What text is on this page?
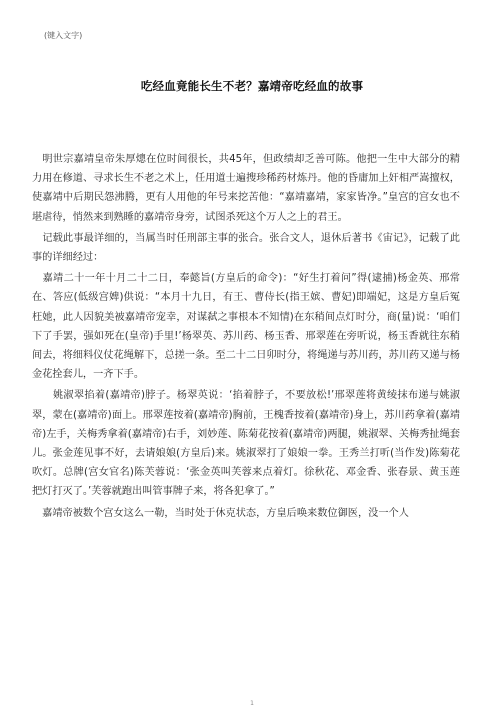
(键入文字)
吃经血竟能长生不老？嘉靖帝吃经血的故事

　明世宗嘉靖皇帝朱厚熜在位时间很长，共45年，但政绩却乏善可陈。他把一生中大部分的精力用在修道、寻求长生不老之术上，任用道士遍搜珍稀药材炼丹。他的昏庸加上奸相严嵩擅权，使嘉靖中后期民怨沸腾，更有人用他的年号来挖苦他：“嘉靖嘉靖，家家皆净。”皇宫的宫女也不堪虐待，悄然来到熟睡的嘉靖帝身旁，试图杀死这个万人之上的君王。

　记载此事最详细的，当属当时任刑部主事的张合。张合文人，退休后著书《宙记》，记载了此事的详细经过：

　嘉靖二十一年十月二十二日，奉懿旨(方皇后的命令)：“好生打着问”得(逮捕)杨金英、邢常在、答应(低级宫婢)供说：“本月十九日，有王、曹侍长(指王嫔、曹妃)即端妃，这是方皇后冤枉她，此人因貌美被嘉靖帝宠幸，对谋弑之事根本不知情)在东稍间点灯时分，商(量)说：‘咱们下了手罢，强如死在(皇帝)手里!’杨翠英、苏川药、杨玉香、邢翠莲在旁听说，杨玉香就往东稍间去，将细料仪仗花绳解下，总搓一条。至二十二日卯时分，将绳递与苏川药，苏川药又递与杨金花拴套儿，一齐下手。

　　姚淑翠掐着(嘉靖帝)脖子。杨翠英说：‘掐着脖子，不要放松!’邢翠莲将黄绫抹布递与姚淑翠，蒙在(嘉靖帝)面上。邢翠莲按着(嘉靖帝)胸前，王槐香按着(嘉靖帝)身上，苏川药拿着(嘉靖帝)左手，关梅秀拿着(嘉靖帝)右手，刘妙莲、陈菊花按着(嘉靖帝)两腿，姚淑翠、关梅秀扯绳套儿。张金莲见事不好，去请娘娘(方皇后)来。姚淑翠打了娘娘一拳。王秀兰打听(当作发)陈菊花吹灯。总牌(宫女官名)陈芙蓉说：‘张金英叫芙蓉来点着灯。徐秋花、邓金香、张春景、黄玉莲把灯打灭了。’芙蓉就跑出叫管事牌子来，将各犯拿了。”

　嘉靖帝被数个宫女这么一勒，当时处于休克状态，方皇后唤来数位御医，没一个人

1
